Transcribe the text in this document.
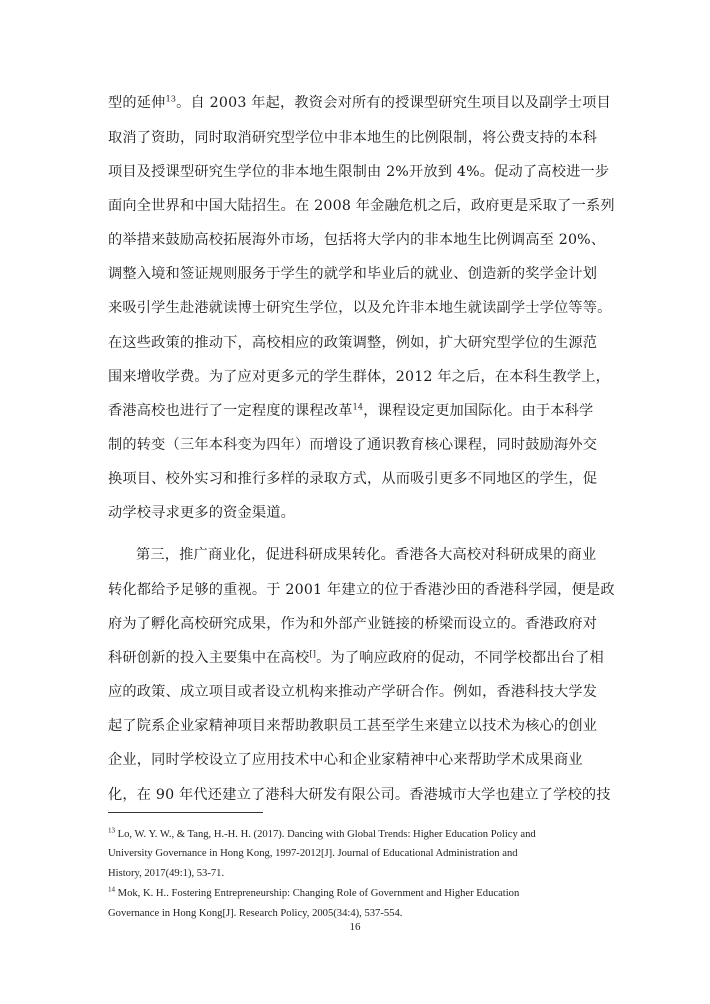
型的延伸$^{13}$。自 2003 年起，教资会对所有的授课型研究生项目以及副学士项目
取消了资助，同时取消研究型学位中非本地生的比例限制，将公费支持的本科
项目及授课型研究生学位的非本地生限制由 2%开放到 4%。促动了高校进一步
面向全世界和中国大陆招生。在 2008 年金融危机之后，政府更是采取了一系列
的举措来鼓励高校拓展海外市场，包括将大学内的非本地生比例调高至 20%、
调整入境和签证规则服务于学生的就学和毕业后的就业、创造新的奖学金计划
来吸引学生赴港就读博士研究生学位，以及允许非本地生就读副学士学位等等。
在这些政策的推动下，高校相应的政策调整，例如，扩大研究型学位的生源范
围来增收学费。为了应对更多元的学生群体，2012 年之后，在本科生教学上，
香港高校也进行了一定程度的课程改革$^{14}$，课程设定更加国际化。由于本科学
制的转变（三年本科变为四年）而增设了通识教育核心课程，同时鼓励海外交
换项目、校外实习和推行多样的录取方式，从而吸引更多不同地区的学生，促
动学校寻求更多的资金渠道。
第三，推广商业化，促进科研成果转化。香港各大高校对科研成果的商业
转化都给予足够的重视。于 2001 年建立的位于香港沙田的香港科学园，便是政
府为了孵化高校研究成果，作为和外部产业链接的桥梁而设立的。香港政府对
科研创新的投入主要集中在高校[]。为了响应政府的促动，不同学校都出台了相
应的政策、成立项目或者设立机构来推动产学研合作。例如，香港科技大学发
起了院系企业家精神项目来帮助教职员工甚至学生来建立以技术为核心的创业
企业，同时学校设立了应用技术中心和企业家精神中心来帮助学术成果商业
化，在 90 年代还建立了港科大研发有限公司。香港城市大学也建立了学校的技
$^{13}$ Lo, W. Y. W., & Tang, H.-H. H. (2017). Dancing with Global Trends: Higher Education Policy and
University Governance in Hong Kong, 1997-2012[J]. Journal of Educational Administration and
History, 2017(49:1), 53-71.
$^{14}$ Mok, K. H.. Fostering Entrepreneurship: Changing Role of Government and Higher Education
Governance in Hong Kong[J]. Research Policy, 2005(34:4), 537-554.
16
